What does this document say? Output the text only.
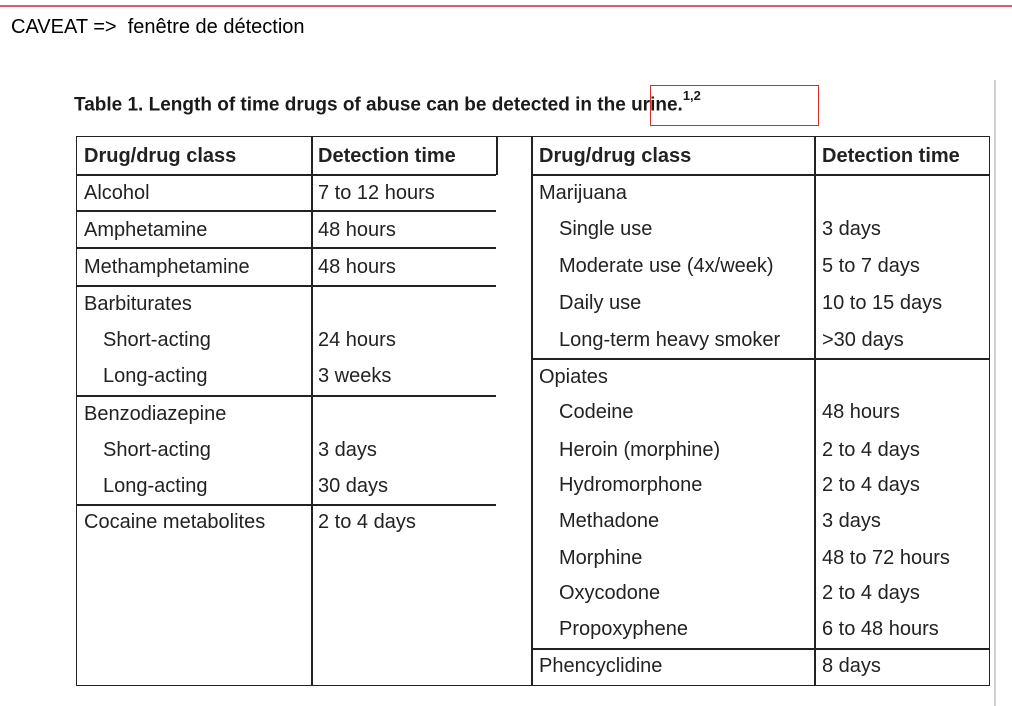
CAVEAT =>  fenêtre de détection
Table 1. Length of time drugs of abuse can be detected in the urine.$^{1,2}$
Drug/drug class	Detection time	Drug/drug class	Detection time
Alcohol	7 to 12 hours
Amphetamine	48 hours
Methamphetamine	48 hours
Barbiturates
Short-acting	24 hours
Long-acting	3 weeks
Benzodiazepine
Short-acting	3 days
Long-acting	30 days
Cocaine metabolites	2 to 4 days
Marijuana
Single use	3 days
Moderate use (4x/week) 5 to 7 days
Daily use	10 to 15 days
Long-term heavy smoker >30 days
Opiates
Codeine	48 hours
Heroin (morphine)	2 to 4 days
Hydromorphone	2 to 4 days
Methadone	3 days
Morphine	48 to 72 hours
Oxycodone	2 to 4 days
Propoxyphene	6 to 48 hours
Phencyclidine	8 days
